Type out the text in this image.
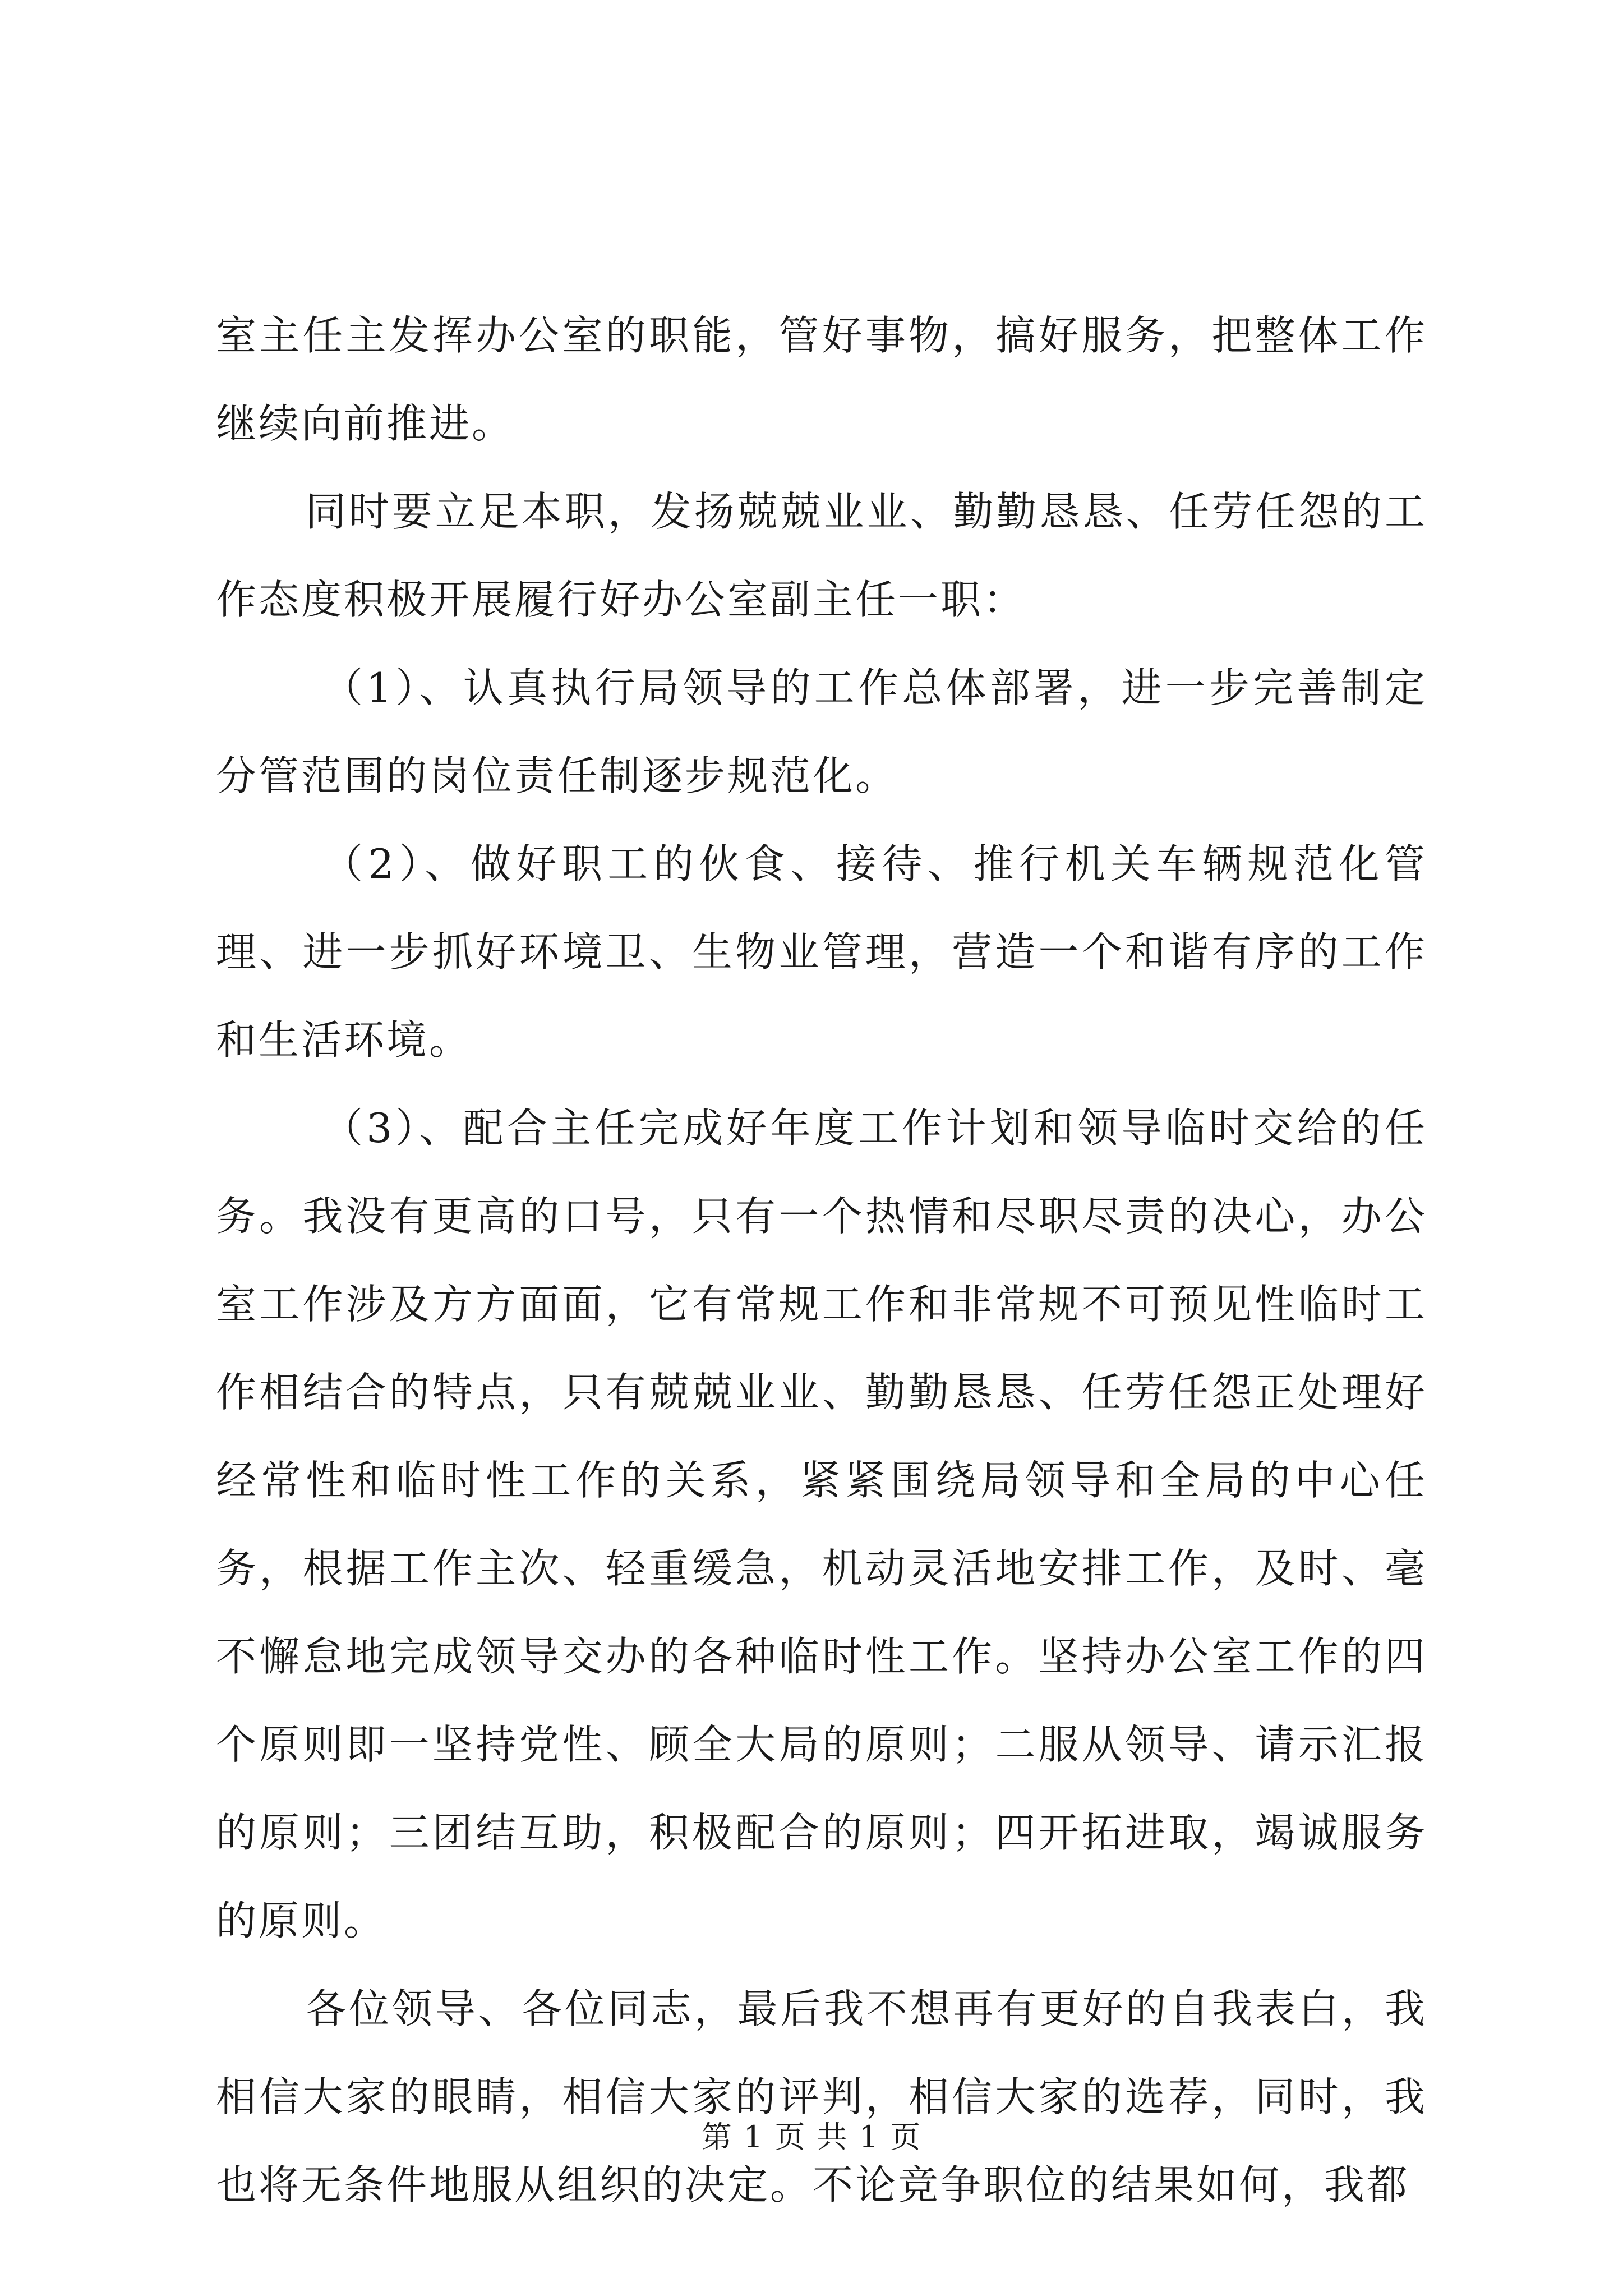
室主任主发挥办公室的职能，管好事物，搞好服务，把整体工作继续向前推进。

同时要立足本职，发扬兢兢业业、勤勤恳恳、任劳任怨的工作态度积极开展履行好办公室副主任一职：

（1）、认真执行局领导的工作总体部署，进一步完善制定分管范围的岗位责任制逐步规范化。

（2）、做好职工的伙食、接待、推行机关车辆规范化管理、进一步抓好环境卫、生物业管理，营造一个和谐有序的工作和生活环境。

（3）、配合主任完成好年度工作计划和领导临时交给的任务。我没有更高的口号，只有一个热情和尽职尽责的决心，办公室工作涉及方方面面，它有常规工作和非常规不可预见性临时工作相结合的特点，只有兢兢业业、勤勤恳恳、任劳任怨正处理好经常性和临时性工作的关系，紧紧围绕局领导和全局的中心任务，根据工作主次、轻重缓急，机动灵活地安排工作，及时、毫不懈怠地完成领导交办的各种临时性工作。坚持办公室工作的四个原则即一坚持党性、顾全大局的原则；二服从领导、请示汇报的原则；三团结互助，积极配合的原则；四开拓进取，竭诚服务的原则。

各位领导、各位同志，最后我不想再有更好的自我表白，我相信大家的眼睛，相信大家的评判，相信大家的选荐，同时，我也将无条件地服从组织的决定。不论竞争职位的结果如何，我都

第 1 页 共 1 页
